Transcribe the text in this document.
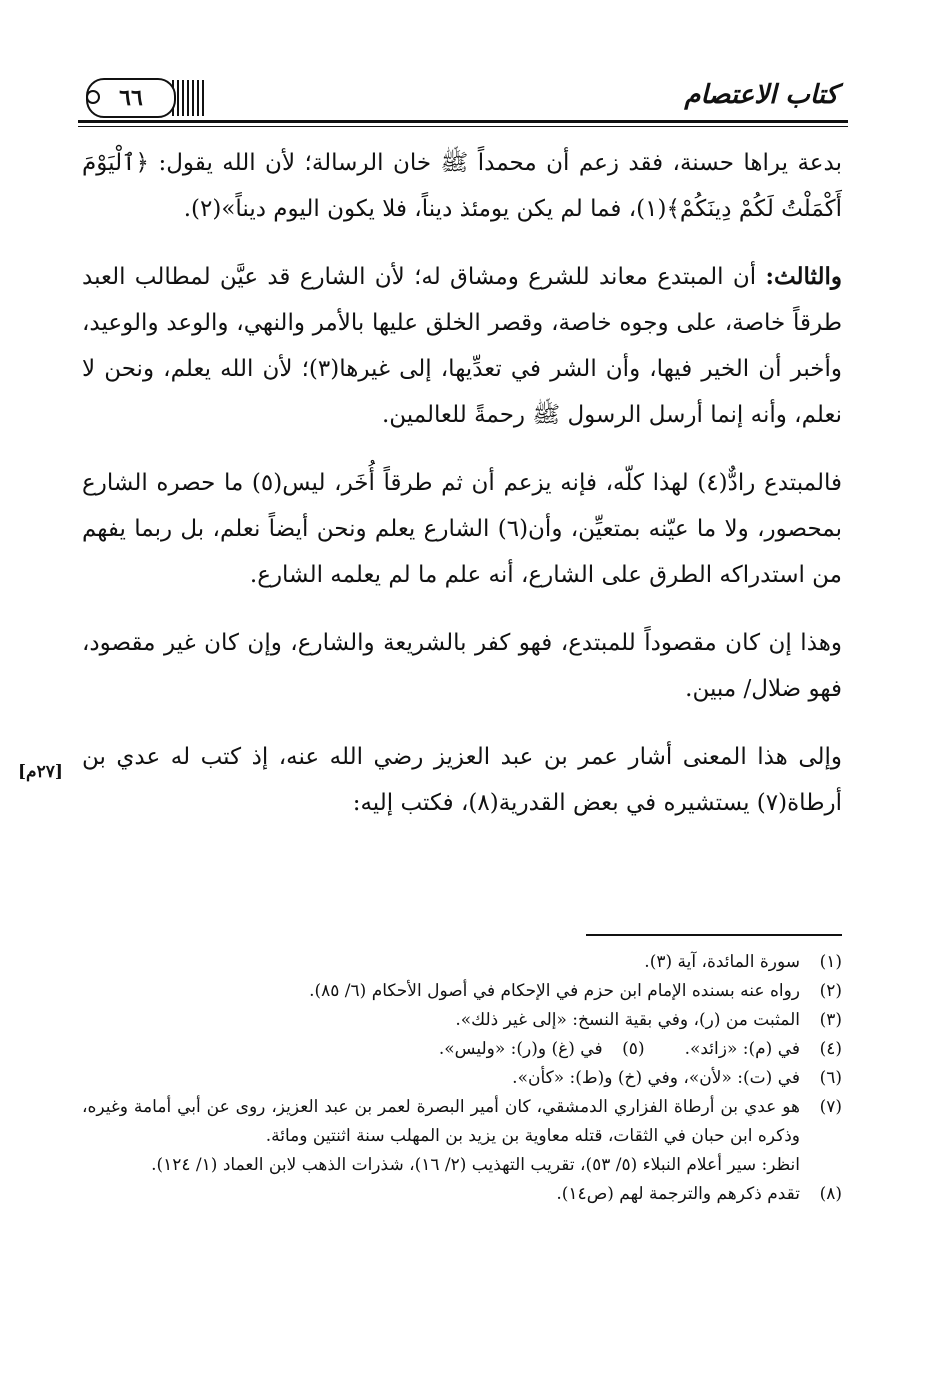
٦٦	كتاب الاعتصام

بدعة يراها حسنة، فقد زعم أن محمداً ﷺ خان الرسالة؛ لأن الله يقول: ﴿ٱلْيَوْمَ أَكْمَلْتُ لَكُمْ دِينَكُمْ﴾(١)، فما لم يكن يومئذ ديناً، فلا يكون اليوم ديناً»(٢).

والثالث: أن المبتدع معاند للشرع ومشاق له؛ لأن الشارع قد عيَّن لمطالب العبد طرقاً خاصة، على وجوه خاصة، وقصر الخلق عليها بالأمر والنهي، والوعد والوعيد، وأخبر أن الخير فيها، وأن الشر في تعدِّيها، إلى غيرها(٣)؛ لأن الله يعلم، ونحن لا نعلم، وأنه إنما أرسل الرسول ﷺ رحمةً للعالمين.

فالمبتدع رادٌّ(٤) لهذا كلّه، فإنه يزعم أن ثم طرقاً أُخَر، ليس(٥) ما حصره الشارع بمحصور، ولا ما عيّنه بمتعيِّن، وأن(٦) الشارع يعلم ونحن أيضاً نعلم، بل ربما يفهم من استدراكه الطرق على الشارع، أنه علم ما لم يعلمه الشارع.

وهذا إن كان مقصوداً للمبتدع، فهو كفر بالشريعة والشارع، وإن كان غير مقصود، فهو ضلال/ مبين.

وإلى هذا المعنى أشار عمر بن عبد العزيز رضي الله عنه، إذ كتب له عدي بن أرطاة(٧) يستشيره في بعض القدرية(٨)، فكتب إليه:

[٢٧م]
(١)
سورة المائدة، آية (٣).
(٢)
رواه عنه بسنده الإمام ابن حزم في الإحكام في أصول الأحكام (٦/ ٨٥).
(٣)
المثبت من (ر)، وفي بقية النسخ: «إلى غير ذلك».
(٤)
في (م): «زائد».
(٥)
في (غ) و(ر): «وليس».
(٦)
في (ت): «لأن»، وفي (خ) و(ط): «كأن».
(٧)
هو عدي بن أرطاة الفزاري الدمشقي، كان أمير البصرة لعمر بن عبد العزيز، روى عن أبي أمامة وغيره، وذكره ابن حبان في الثقات، قتله معاوية بن يزيد بن المهلب سنة اثنتين ومائة.
انظر: سير أعلام النبلاء (٥/ ٥٣)، تقريب التهذيب (٢/ ١٦)، شذرات الذهب لابن العماد (١/ ١٢٤).
(٨)
تقدم ذكرهم والترجمة لهم (ص١٤).
